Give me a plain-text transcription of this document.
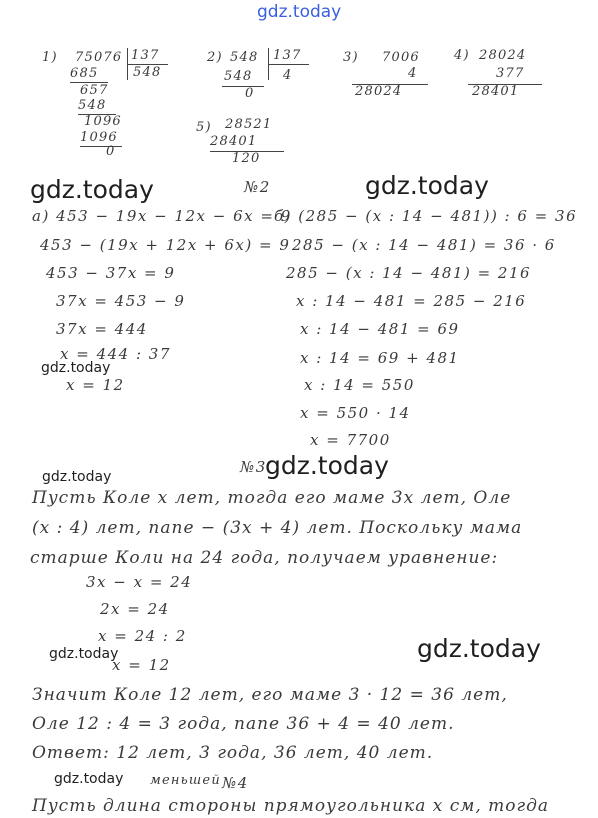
gdz.today
gdz.today	gdz.today
gdz.today
gdz.today	gdz.today
gdz.today
gdz.today
gdz.today
1) 75076 137
548
685
657
548
1096
1096
0
2) 548 137
4
548
0
3) 7006
4
28024
4) 28024
377
28401
5) 28521
28401
120
№2
а) 453 − 19x − 12x − 6x = 9
453 − (19x + 12x + 6x) = 9
453 − 37x = 9
37x = 453 − 9
37x = 444
x = 444 : 37
x = 12
б) (285 − (x : 14 − 481)) : 6 = 36
285 − (x : 14 − 481) = 36 · 6
285 − (x : 14 − 481) = 216
x : 14 − 481 = 285 − 216
x : 14 − 481 = 69
x : 14 = 69 + 481
x : 14 = 550
x = 550 · 14
x = 7700
№3
Пусть Коле x лет, тогда его маме 3x лет, Оле
(x : 4) лет, папе − (3x + 4) лет. Поскольку мама
старше Коли на 24 года, получаем уравнение:
3x − x = 24
2x = 24
x = 24 : 2
x = 12
Значит Коле 12 лет, его маме 3 · 12 = 36 лет,
Оле 12 : 4 = 3 года, папе 36 + 4 = 40 лет.
Ответ: 12 лет, 3 года, 36 лет, 40 лет.
меньшей №4
Пусть длина стороны прямоугольника x см, тогда
